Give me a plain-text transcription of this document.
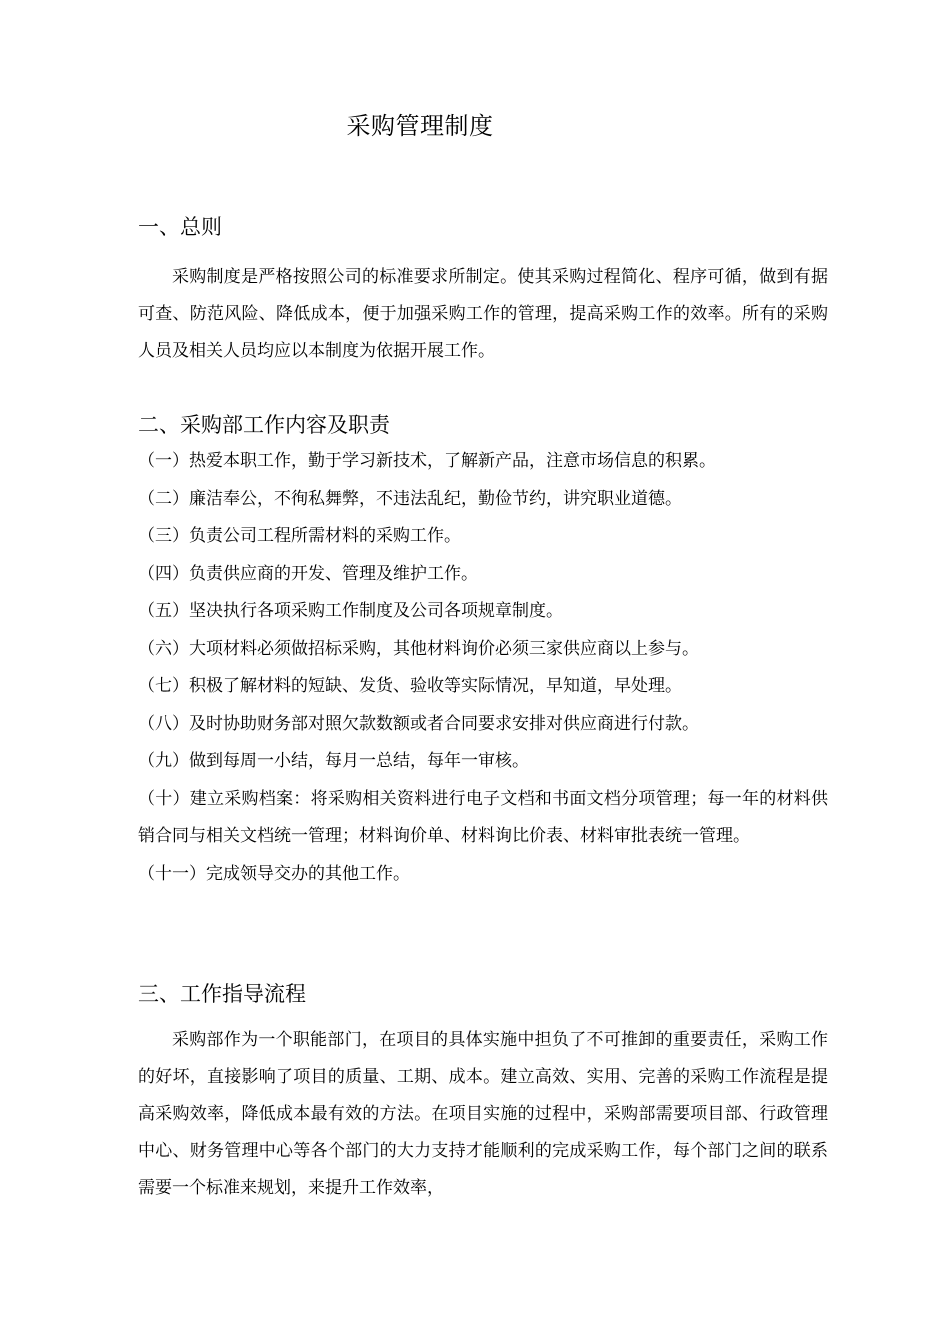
采购管理制度
一、总则

采购制度是严格按照公司的标准要求所制定。使其采购过程简化、程序可循，做到有据可查、防范风险、降低成本，便于加强采购工作的管理，提高采购工作的效率。所有的采购人员及相关人员均应以本制度为依据开展工作。

二、采购部工作内容及职责
（一）热爱本职工作，勤于学习新技术，了解新产品，注意市场信息的积累。
（二）廉洁奉公，不徇私舞弊，不违法乱纪，勤俭节约，讲究职业道德。
（三）负责公司工程所需材料的采购工作。
（四）负责供应商的开发、管理及维护工作。
（五）坚决执行各项采购工作制度及公司各项规章制度。
（六）大项材料必须做招标采购，其他材料询价必须三家供应商以上参与。
（七）积极了解材料的短缺、发货、验收等实际情况，早知道，早处理。
（八）及时协助财务部对照欠款数额或者合同要求安排对供应商进行付款。
（九）做到每周一小结，每月一总结，每年一审核。
（十）建立采购档案：将采购相关资料进行电子文档和书面文档分项管理；每一年的材料供销合同与相关文档统一管理；材料询价单、材料询比价表、材料审批表统一管理。
（十一）完成领导交办的其他工作。
三、工作指导流程

采购部作为一个职能部门，在项目的具体实施中担负了不可推卸的重要责任，采购工作的好坏，直接影响了项目的质量、工期、成本。建立高效、实用、完善的采购工作流程是提高采购效率，降低成本最有效的方法。在项目实施的过程中，采购部需要项目部、行政管理中心、财务管理中心等各个部门的大力支持才能顺利的完成采购工作，每个部门之间的联系需要一个标准来规划，来提升工作效率，
